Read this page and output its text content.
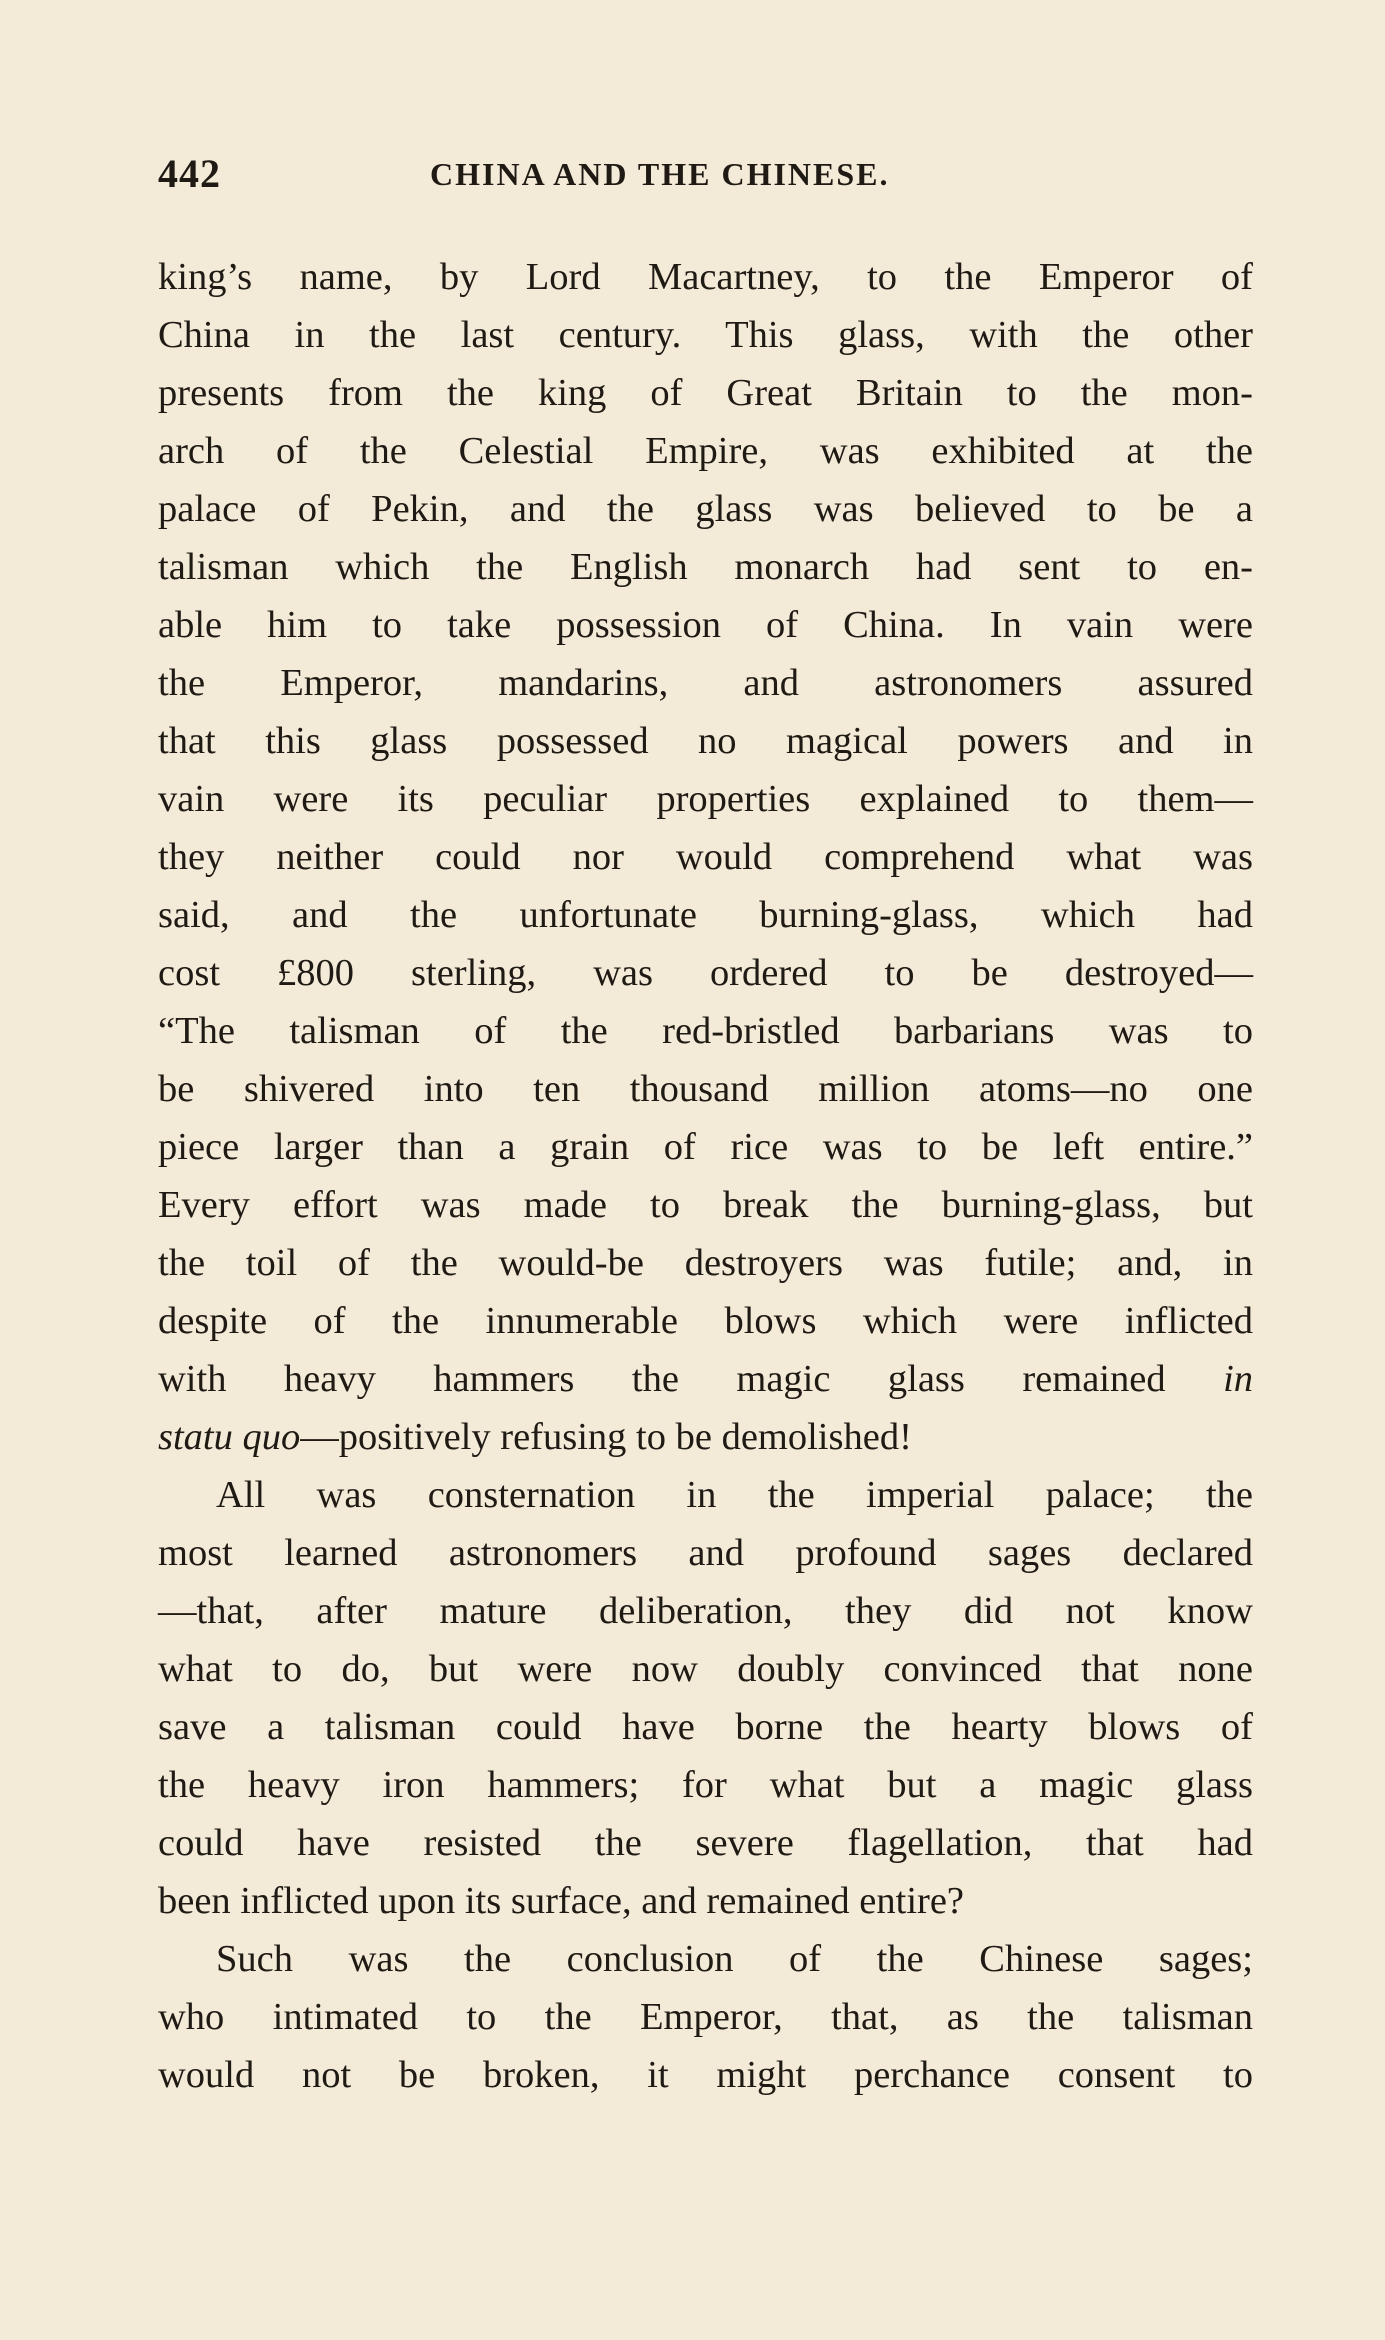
442	CHINA AND THE CHINESE.
king’s name, by Lord Macartney, to the Emperor of
China in the last century. This glass, with the other
presents from the king of Great Britain to the mon-
arch of the Celestial Empire, was exhibited at the
palace of Pekin, and the glass was believed to be a
talisman which the English monarch had sent to en-
able him to take possession of China. In vain were
the Emperor, mandarins, and astronomers assured
that this glass possessed no magical powers and in
vain were its peculiar properties explained to them—
they neither could nor would comprehend what was
said, and the unfortunate burning-glass, which had
cost £800 sterling, was ordered to be destroyed—
“The talisman of the red-bristled barbarians was to
be shivered into ten thousand million atoms—no one
piece larger than a grain of rice was to be left entire.”
Every effort was made to break the burning-glass, but
the toil of the would-be destroyers was futile; and, in
despite of the innumerable blows which were inflicted
with heavy hammers the magic glass remained in
statu quo—positively refusing to be demolished!
All was consternation in the imperial palace; the
most learned astronomers and profound sages declared
—that, after mature deliberation, they did not know
what to do, but were now doubly convinced that none
save a talisman could have borne the hearty blows of
the heavy iron hammers; for what but a magic glass
could have resisted the severe flagellation, that had
been inflicted upon its surface, and remained entire?
Such was the conclusion of the Chinese sages;
who intimated to the Emperor, that, as the talisman
would not be broken, it might perchance consent to
